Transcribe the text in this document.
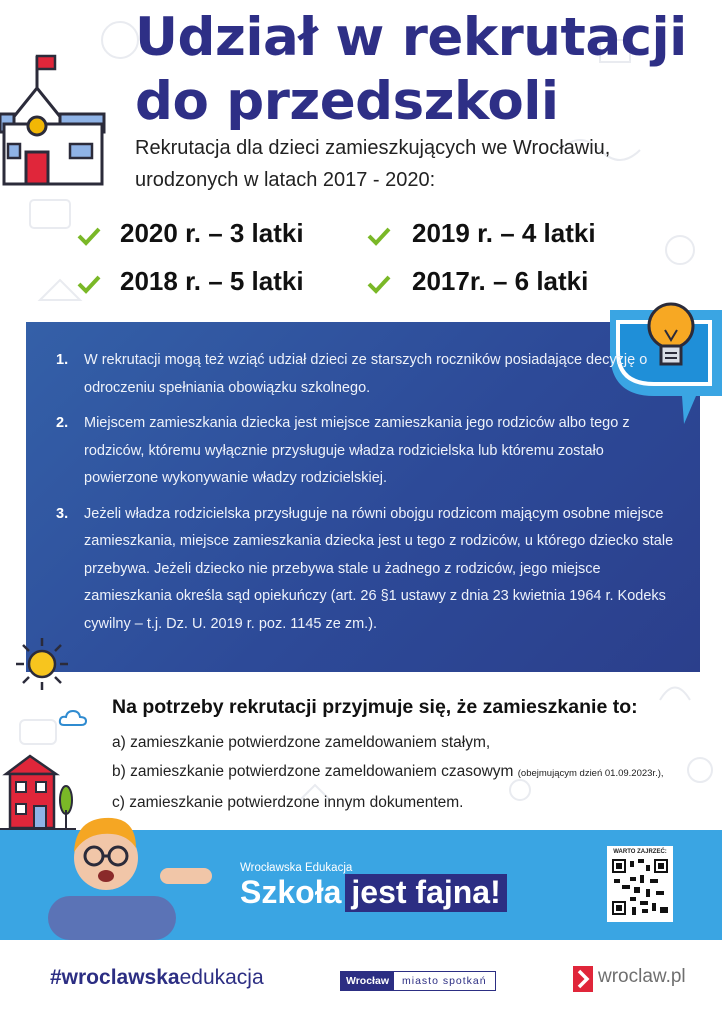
Udział w rekrutacji
do przedszkoli
Rekrutacja dla dzieci zamieszkujących we Wrocławiu,
urodzonych w latach 2017 - 2020:
2020 r. – 3 latki	2019 r. – 4 latki
2018 r. – 5 latki	2017r. – 6 latki
1. W rekrutacji mogą też wziąć udział dzieci ze starszych roczników posiadające decyzję o odroczeniu spełniania obowiązku szkolnego.
2. Miejscem zamieszkania dziecka jest miejsce zamieszkania jego rodziców albo tego z rodziców, któremu wyłącznie przysługuje władza rodzicielska lub któremu zostało powierzone wykonywanie władzy rodzicielskiej.
3. Jeżeli władza rodzicielska przysługuje na równi obojgu rodzicom mającym osobne miejsce zamieszkania, miejsce zamieszkania dziecka jest u tego z rodziców, u którego dziecko stale przebywa. Jeżeli dziecko nie przebywa stale u żadnego z rodziców, jego miejsce zamieszkania określa sąd opiekuńczy (art. 26 §1 ustawy z dnia 23 kwietnia 1964 r. Kodeks cywilny – t.j. Dz. U. 2019 r. poz. 1145 ze zm.).
Na potrzeby rekrutacji przyjmuje się, że zamieszkanie to:
a) zamieszkanie potwierdzone zameldowaniem stałym,
b) zamieszkanie potwierdzone zameldowaniem czasowym (obejmującym dzień 01.09.2023r.),
c) zamieszkanie potwierdzone innym dokumentem.
Wrocławska Edukacja
Szkoła jest fajna!
WARTO ZAJRZEĆ:
#wroclawskaedukacja	Wrocław	miasto spotkań	wroclaw.pl
